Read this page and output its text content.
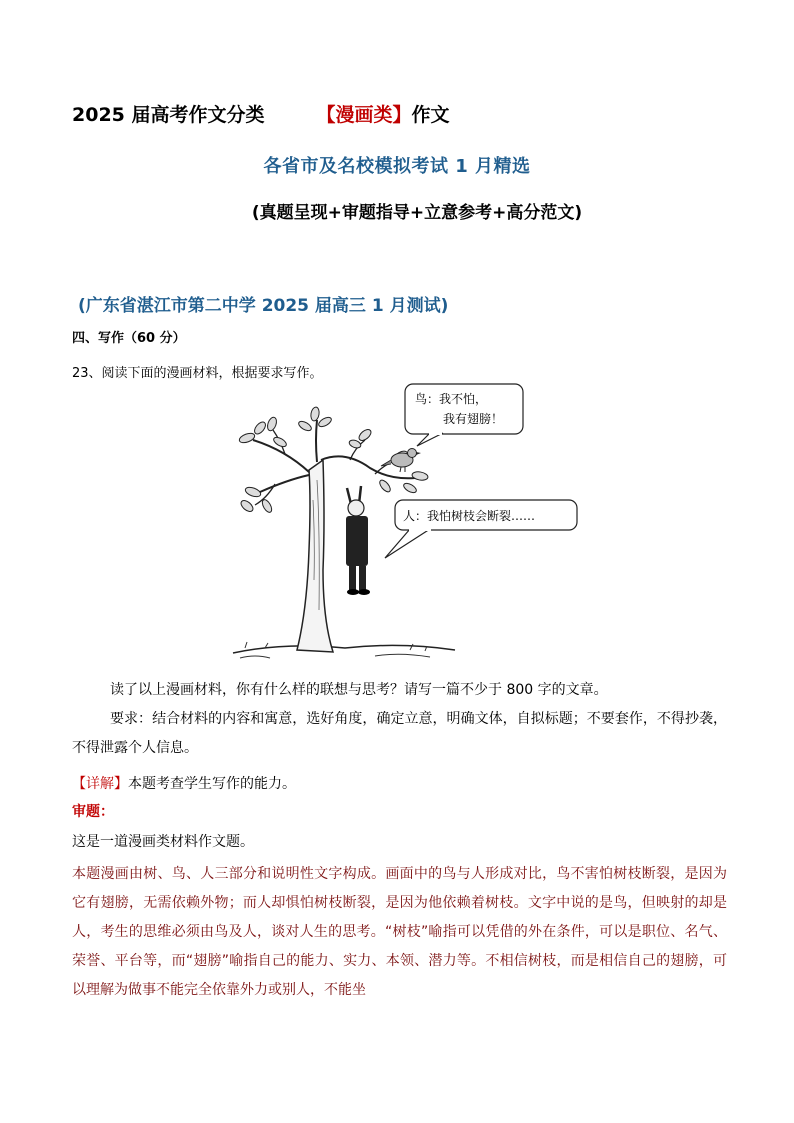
2025 届高考作文分类	【漫画类】作文
各省市及名校模拟考试 1 月精选
(真题呈现+审题指导+立意参考+高分范文)
(广东省湛江市第二中学 2025 届高三 1 月测试)
四、写作（60 分）
23、阅读下面的漫画材料，根据要求写作。
鸟： 我不怕，
我有翅膀！
人： 我怕树枝会断裂……
读了以上漫画材料，你有什么样的联想与思考？请写一篇不少于 800 字的文章。
要求：结合材料的内容和寓意，选好角度，确定立意，明确文体，自拟标题；不要套作，不得抄袭，不得泄露个人信息。
【详解】本题考查学生写作的能力。
审题：
这是一道漫画类材料作文题。
本题漫画由树、鸟、人三部分和说明性文字构成。画面中的鸟与人形成对比，鸟不害怕树枝断裂，是因为它有翅膀，无需依赖外物；而人却惧怕树枝断裂，是因为他依赖着树枝。文字中说的是鸟，但映射的却是人，考生的思维必须由鸟及人，谈对人生的思考。“树枝”喻指可以凭借的外在条件，可以是职位、名气、荣誉、平台等，而“翅膀”喻指自己的能力、实力、本领、潜力等。不相信树枝，而是相信自己的翅膀，可以理解为做事不能完全依靠外力或别人，不能坐
